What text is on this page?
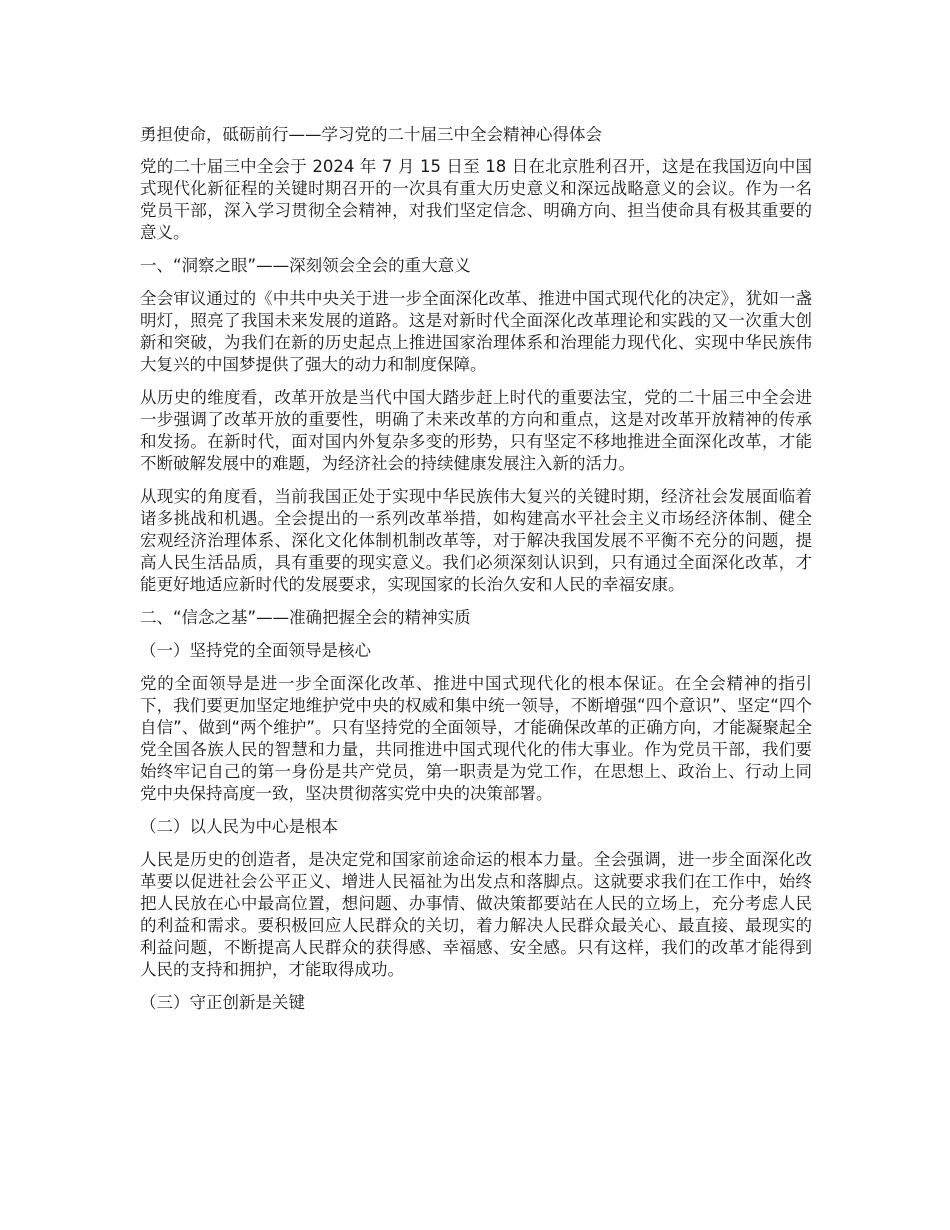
勇担使命，砥砺前行——学习党的二十届三中全会精神心得体会

党的二十届三中全会于 2024 年 7 月 15 日至 18 日在北京胜利召开，这是在我国迈向中国式现代化新征程的关键时期召开的一次具有重大历史意义和深远战略意义的会议。作为一名党员干部，深入学习贯彻全会精神，对我们坚定信念、明确方向、担当使命具有极其重要的意义。

一、“洞察之眼”——深刻领会全会的重大意义

全会审议通过的《中共中央关于进一步全面深化改革、推进中国式现代化的决定》，犹如一盏明灯，照亮了我国未来发展的道路。这是对新时代全面深化改革理论和实践的又一次重大创新和突破，为我们在新的历史起点上推进国家治理体系和治理能力现代化、实现中华民族伟大复兴的中国梦提供了强大的动力和制度保障。

从历史的维度看，改革开放是当代中国大踏步赶上时代的重要法宝，党的二十届三中全会进一步强调了改革开放的重要性，明确了未来改革的方向和重点，这是对改革开放精神的传承和发扬。在新时代，面对国内外复杂多变的形势，只有坚定不移地推进全面深化改革，才能不断破解发展中的难题，为经济社会的持续健康发展注入新的活力。

从现实的角度看，当前我国正处于实现中华民族伟大复兴的关键时期，经济社会发展面临着诸多挑战和机遇。全会提出的一系列改革举措，如构建高水平社会主义市场经济体制、健全宏观经济治理体系、深化文化体制机制改革等，对于解决我国发展不平衡不充分的问题，提高人民生活品质，具有重要的现实意义。我们必须深刻认识到，只有通过全面深化改革，才能更好地适应新时代的发展要求，实现国家的长治久安和人民的幸福安康。

二、“信念之基”——准确把握全会的精神实质
（一）坚持党的全面领导是核心

党的全面领导是进一步全面深化改革、推进中国式现代化的根本保证。在全会精神的指引下，我们要更加坚定地维护党中央的权威和集中统一领导，不断增强“四个意识”、坚定“四个自信”、做到“两个维护”。只有坚持党的全面领导，才能确保改革的正确方向，才能凝聚起全党全国各族人民的智慧和力量，共同推进中国式现代化的伟大事业。作为党员干部，我们要始终牢记自己的第一身份是共产党员，第一职责是为党工作，在思想上、政治上、行动上同党中央保持高度一致，坚决贯彻落实党中央的决策部署。

（二）以人民为中心是根本

人民是历史的创造者，是决定党和国家前途命运的根本力量。全会强调，进一步全面深化改革要以促进社会公平正义、增进人民福祉为出发点和落脚点。这就要求我们在工作中，始终把人民放在心中最高位置，想问题、办事情、做决策都要站在人民的立场上，充分考虑人民的利益和需求。要积极回应人民群众的关切，着力解决人民群众最关心、最直接、最现实的利益问题，不断提高人民群众的获得感、幸福感、安全感。只有这样，我们的改革才能得到人民的支持和拥护，才能取得成功。

（三）守正创新是关键
